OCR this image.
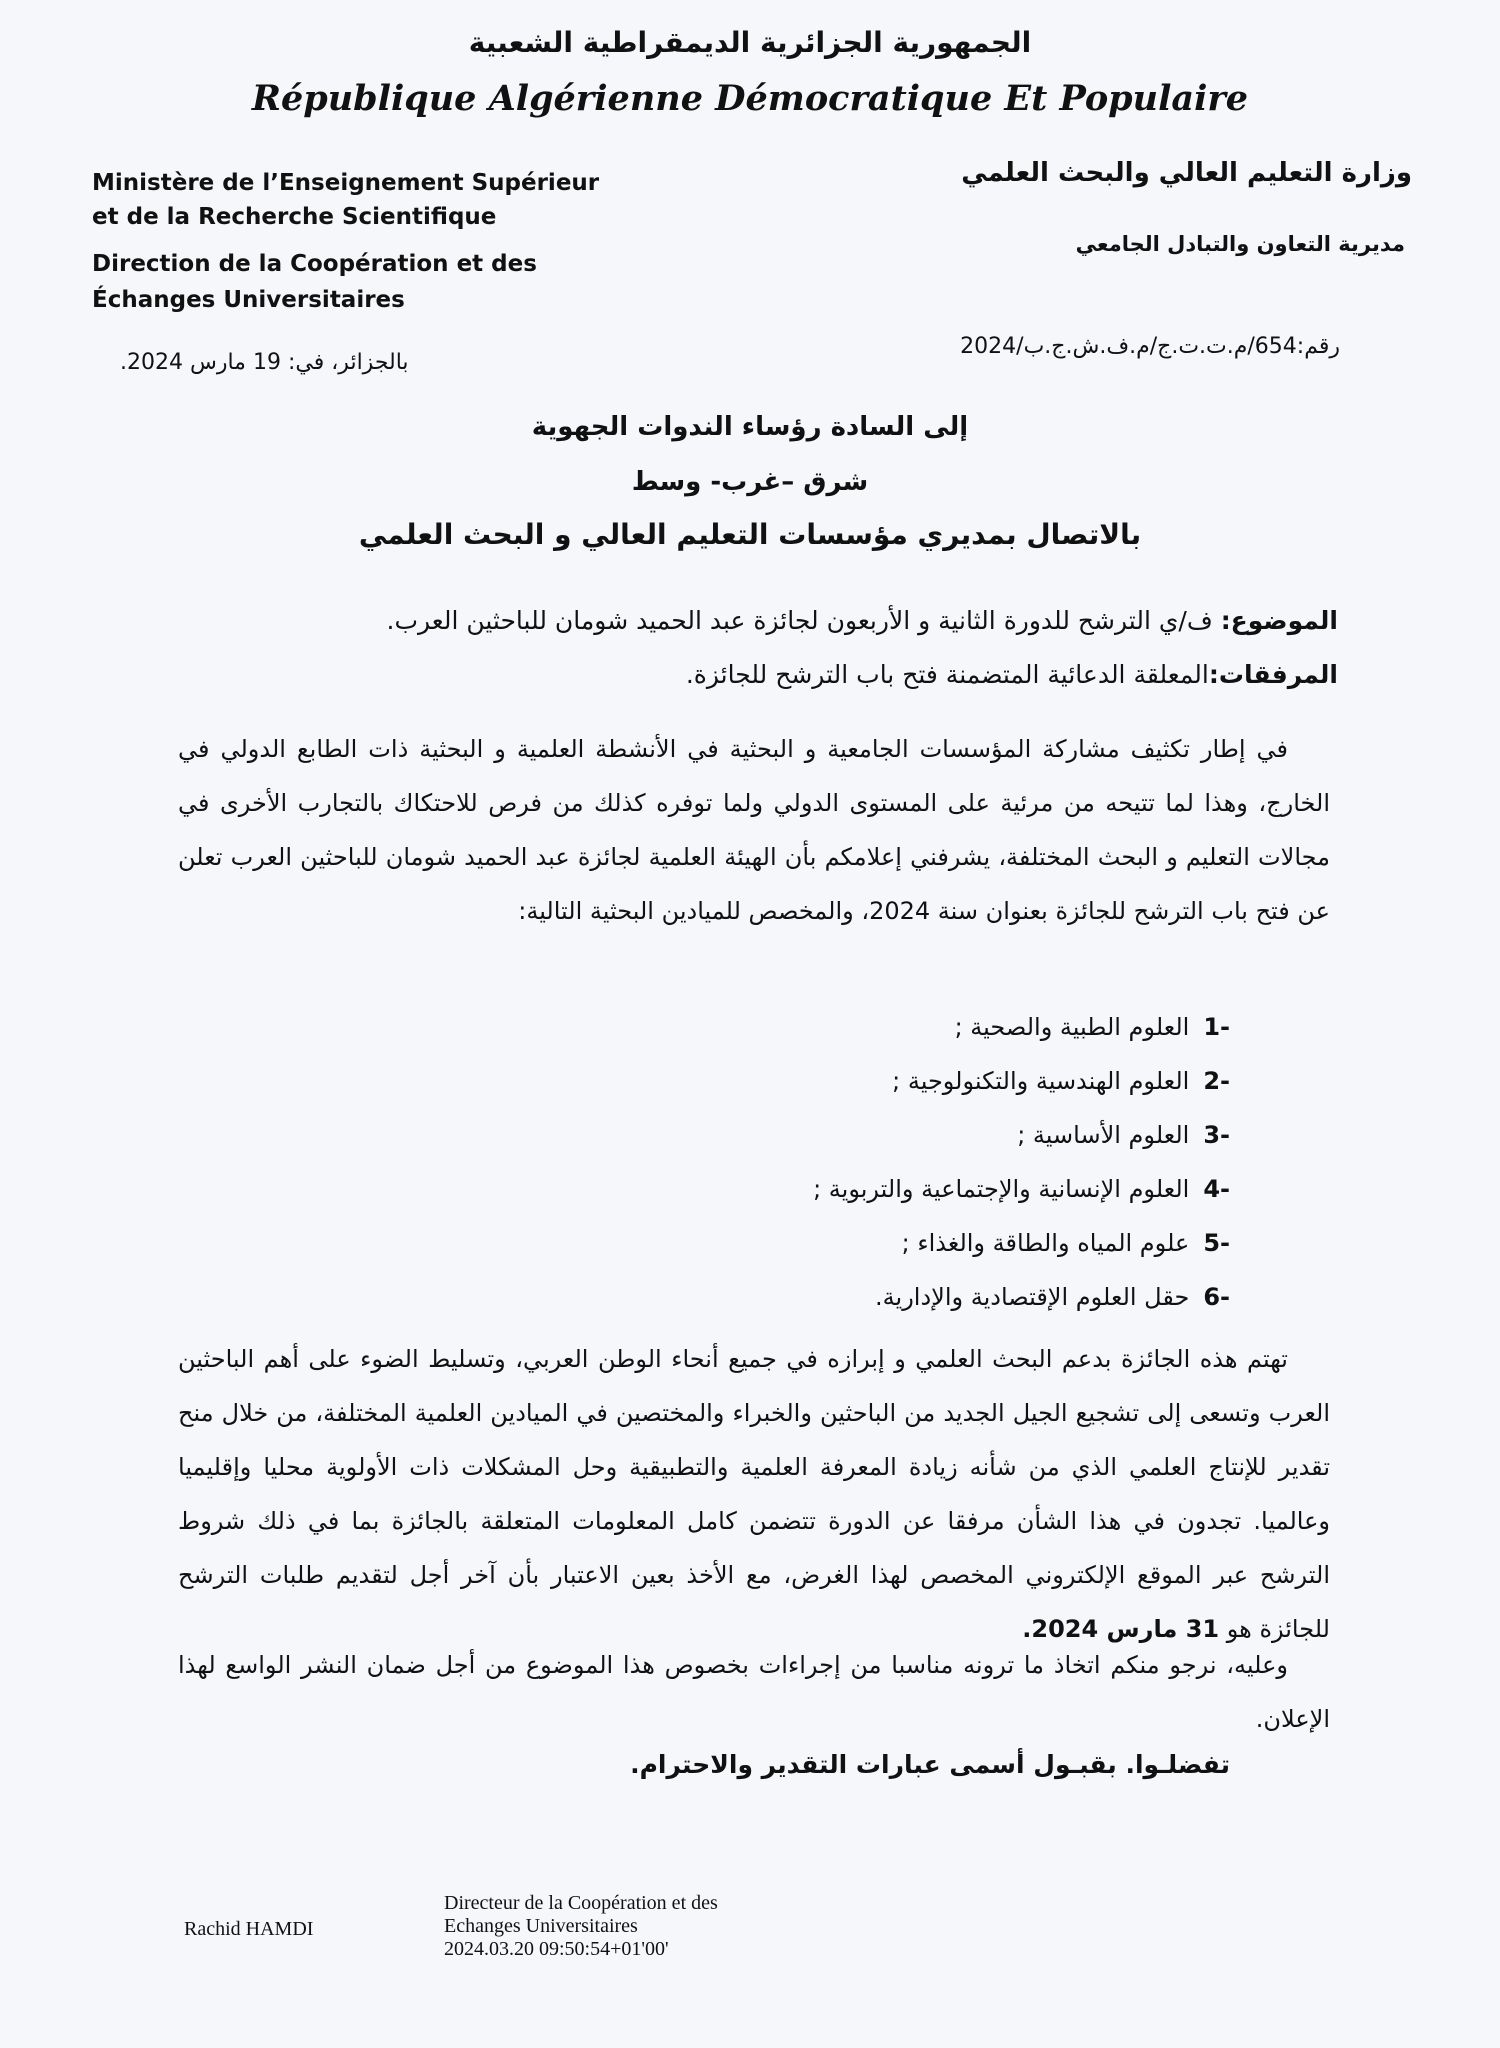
الجمهورية الجزائرية الديمقراطية الشعبية
République Algérienne Démocratique Et Populaire
Ministère de l’Enseignement Supérieur
et de la Recherche Scientifique
Direction de la Coopération et des
Échanges Universitaires
وزارة التعليم العالي والبحث العلمي
مديرية التعاون والتبادل الجامعي
بالجزائر، في: 19 مارس 2024.
رقم:654/م.ت.ت.ج/م.ف.ش.ج.ب/2024
إلى السادة رؤساء الندوات الجهوية
شرق –غرب- وسط
بالاتصال بمديري مؤسسات التعليم العالي و البحث العلمي
الموضوع: ف/ي الترشح للدورة الثانية و الأربعون لجائزة عبد الحميد شومان للباحثين العرب.
المرفقات:المعلقة الدعائية المتضمنة فتح باب الترشح للجائزة.
في إطار تكثيف مشاركة المؤسسات الجامعية و البحثية في الأنشطة العلمية و البحثية ذات الطابع الدولي في الخارج، وهذا لما تتيحه من مرئية على المستوى الدولي ولما توفره كذلك من فرص للاحتكاك بالتجارب الأخرى في مجالات التعليم و البحث المختلفة، يشرفني إعلامكم بأن الهيئة العلمية لجائزة عبد الحميد شومان للباحثين العرب تعلن عن فتح باب الترشح للجائزة بعنوان سنة 2024، والمخصص للميادين البحثية التالية:
-1العلوم الطبية والصحية ;
-2العلوم الهندسية والتكنولوجية ;
-3العلوم الأساسية ;
-4العلوم الإنسانية والإجتماعية والتربوية ;
-5علوم المياه والطاقة والغذاء ;
-6حقل العلوم الإقتصادية والإدارية.
تهتم هذه الجائزة بدعم البحث العلمي و إبرازه في جميع أنحاء الوطن العربي، وتسليط الضوء على أهم الباحثين العرب وتسعى إلى تشجيع الجيل الجديد من الباحثين والخبراء والمختصين في الميادين العلمية المختلفة، من خلال منح تقدير للإنتاج العلمي الذي من شأنه زيادة المعرفة العلمية والتطبيقية وحل المشكلات ذات الأولوية محليا وإقليميا وعالميا. تجدون في هذا الشأن مرفقا عن الدورة تتضمن كامل المعلومات المتعلقة بالجائزة بما في ذلك شروط الترشح عبر الموقع الإلكتروني المخصص لهذا الغرض، مع الأخذ بعين الاعتبار بأن آخر أجل لتقديم طلبات الترشح للجائزة هو 31 مارس 2024.
وعليه، نرجو منكم اتخاذ ما ترونه مناسبا من إجراءات بخصوص هذا الموضوع من أجل ضمان النشر الواسع لهذا الإعلان.
تفضلـوا. بقبـول أسمى عبارات التقدير والاحترام.
Rachid HAMDI
Directeur de la Coopération et des
Echanges Universitaires
2024.03.20 09:50:54+01'00'
